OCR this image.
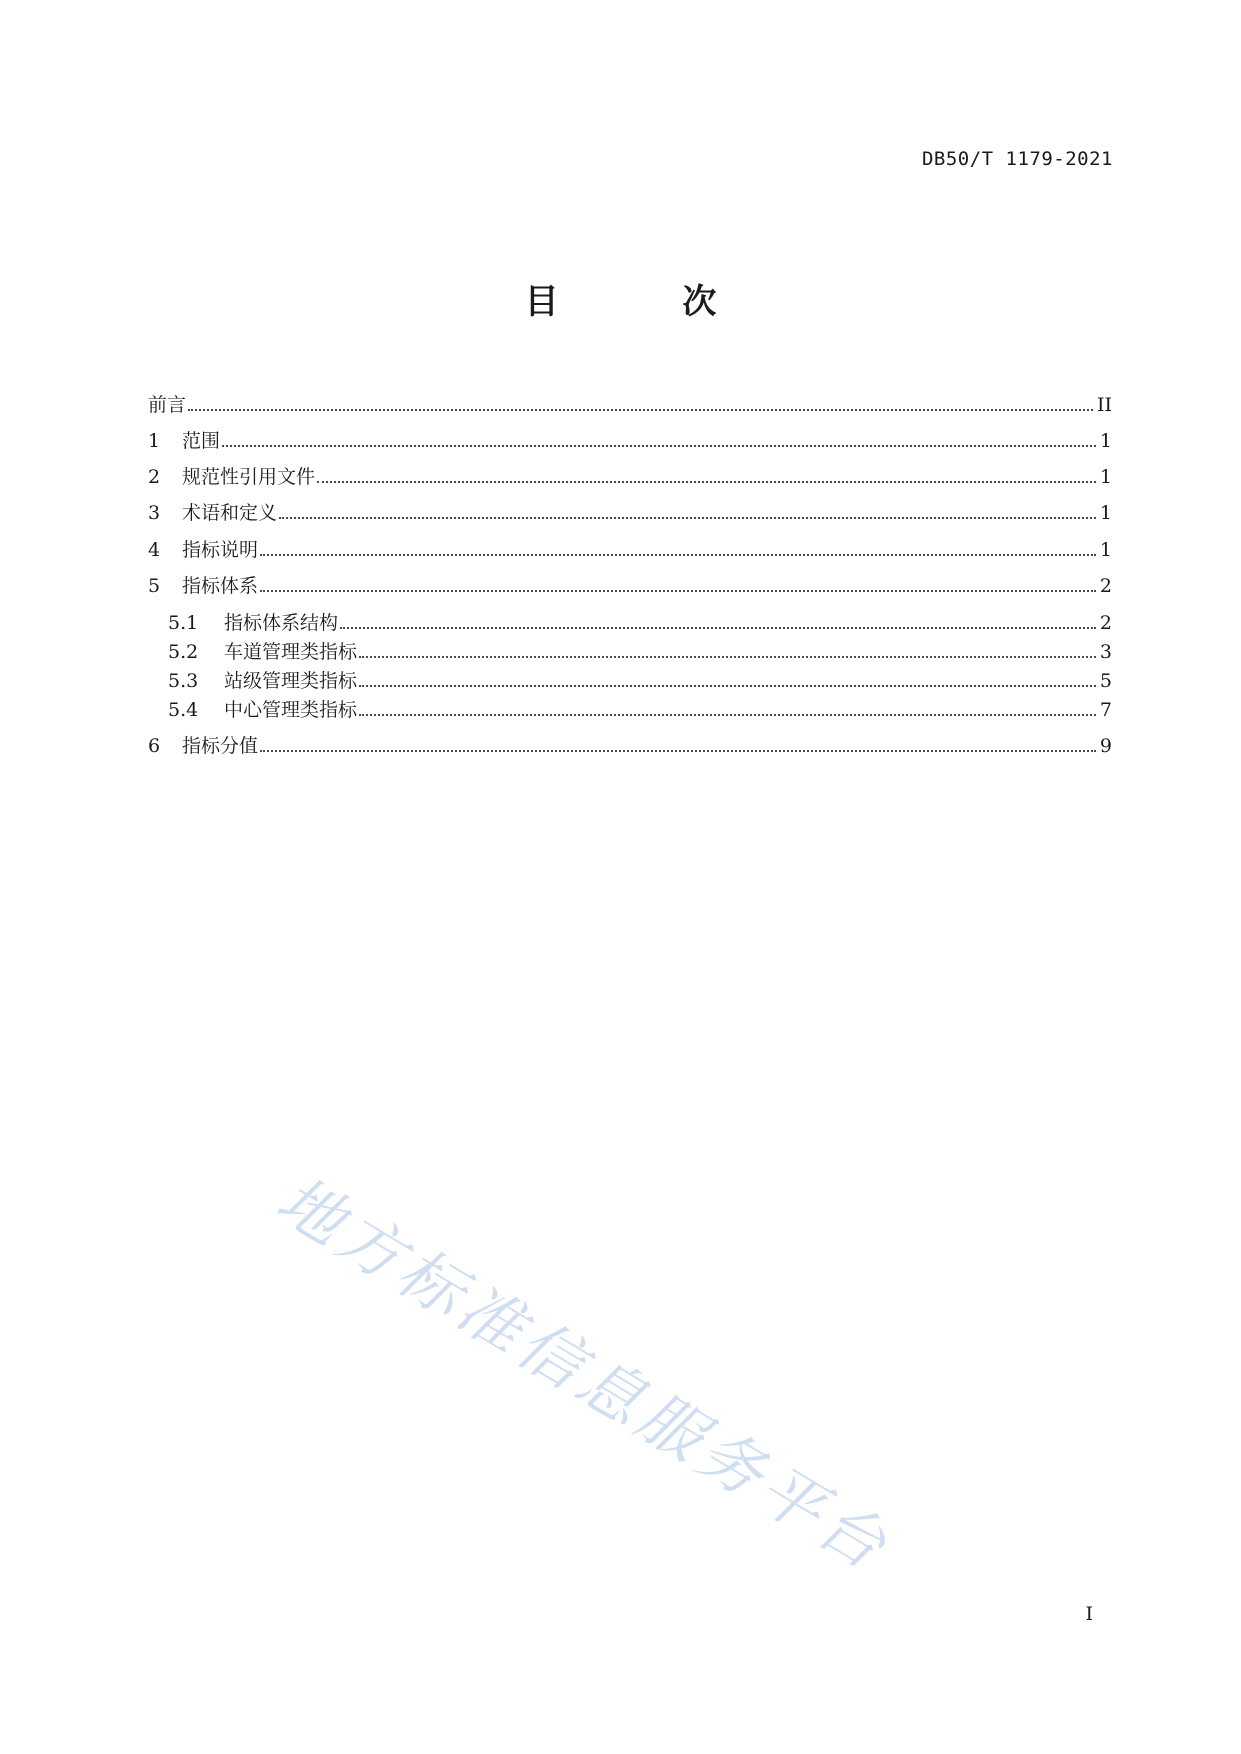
DB50/T 1179-2021
目 次
前言	II
1	范围	1
2	规范性引用文件	1
3	术语和定义	1
4	指标说明	1
5	指标体系	2
5.1	指标体系结构	2
5.2	车道管理类指标	3
5.3	站级管理类指标	5
5.4	中心管理类指标	7
6	指标分值	9
地方标准信息服务平台
I
